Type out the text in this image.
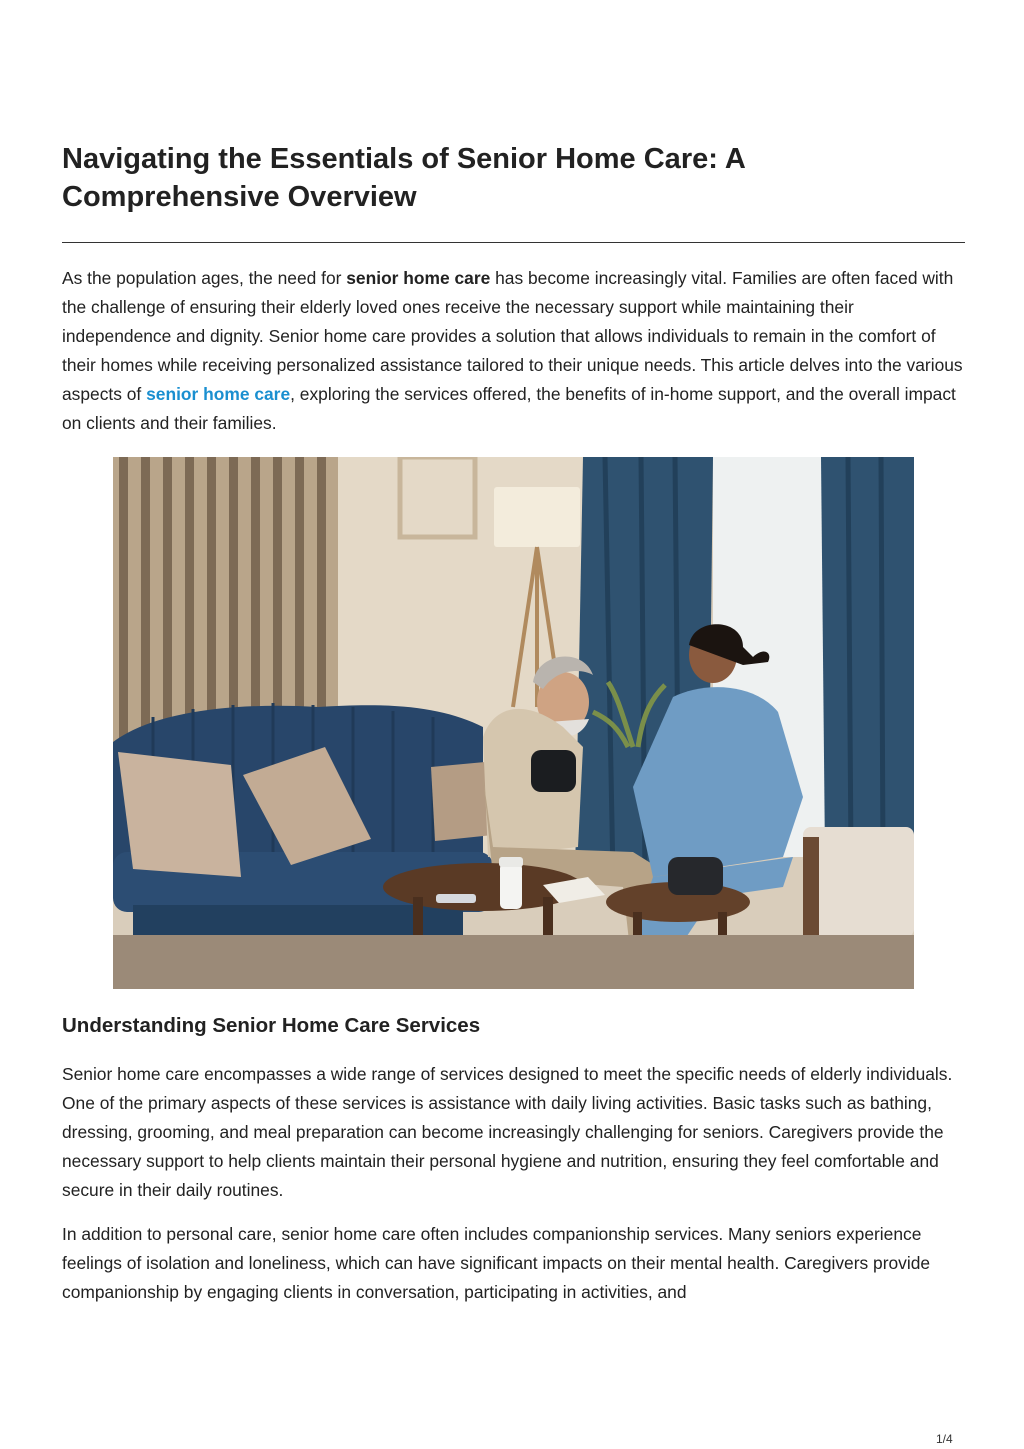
Navigating the Essentials of Senior Home Care: A Comprehensive Overview

As the population ages, the need for senior home care has become increasingly vital. Families are often faced with the challenge of ensuring their elderly loved ones receive the necessary support while maintaining their independence and dignity. Senior home care provides a solution that allows individuals to remain in the comfort of their homes while receiving personalized assistance tailored to their unique needs. This article delves into the various aspects of senior home care, exploring the services offered, the benefits of in-home support, and the overall impact on clients and their families.

Understanding Senior Home Care Services

Senior home care encompasses a wide range of services designed to meet the specific needs of elderly individuals. One of the primary aspects of these services is assistance with daily living activities. Basic tasks such as bathing, dressing, grooming, and meal preparation can become increasingly challenging for seniors. Caregivers provide the necessary support to help clients maintain their personal hygiene and nutrition, ensuring they feel comfortable and secure in their daily routines.

In addition to personal care, senior home care often includes companionship services. Many seniors experience feelings of isolation and loneliness, which can have significant impacts on their mental health. Caregivers provide companionship by engaging clients in conversation, participating in activities, and

1/4
